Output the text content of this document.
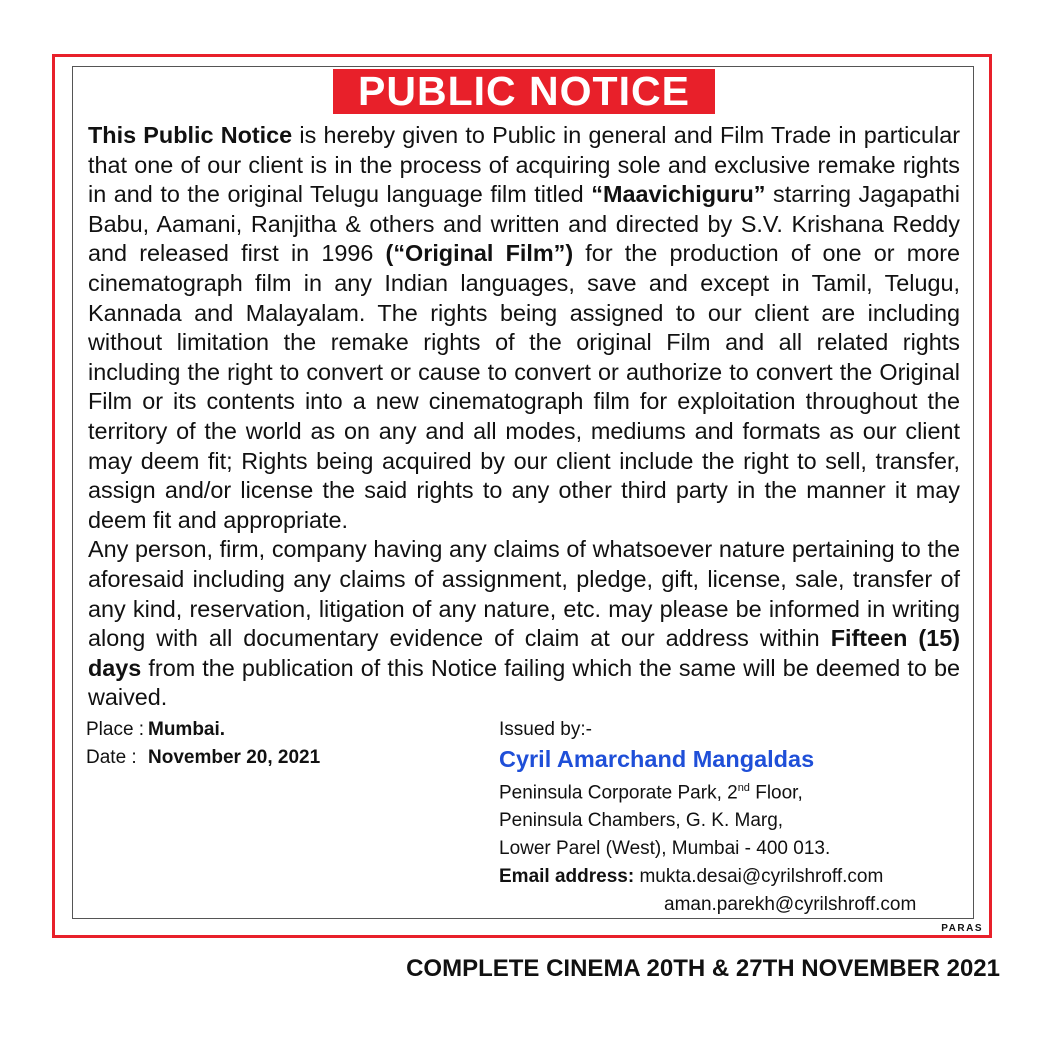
PUBLIC NOTICE

This Public Notice is hereby given to Public in general and Film Trade in particular that one of our client is in the process of acquiring sole and exclusive remake rights in and to the original Telugu language film titled “Maavichiguru” starring Jagapathi Babu, Aamani, Ranjitha & others and written and directed by S.V. Krishana Reddy and released first in 1996 (“Original Film”) for the production of one or more cinematograph film in any Indian languages, save and except in Tamil, Telugu, Kannada and Malayalam. The rights being assigned to our client are including without limitation the remake rights of the original Film and all related rights including the right to convert or cause to convert or authorize to convert the Original Film or its contents into a new cinematograph film for exploitation throughout the territory of the world as on any and all modes, mediums and formats as our client may deem fit; Rights being acquired by our client include the right to sell, transfer, assign and/or license the said rights to any other third party in the manner it may deem fit and appropriate.

Any person, firm, company having any claims of whatsoever nature pertaining to the aforesaid including any claims of assignment, pledge, gift, license, sale, transfer of any kind, reservation, litigation of any nature, etc. may please be informed in writing along with all documentary evidence of claim at our address within Fifteen (15) days from the publication of this Notice failing which the same will be deemed to be waived.

Place : Mumbai.
Date : November 20, 2021
Issued by:-
Cyril Amarchand Mangaldas
Peninsula Corporate Park, 2nd Floor,
Peninsula Chambers, G. K. Marg,
Lower Parel (West), Mumbai - 400 013.
Email address: mukta.desai@cyrilshroff.com
aman.parekh@cyrilshroff.com
PARAS
COMPLETE CINEMA 20TH & 27TH NOVEMBER 2021
